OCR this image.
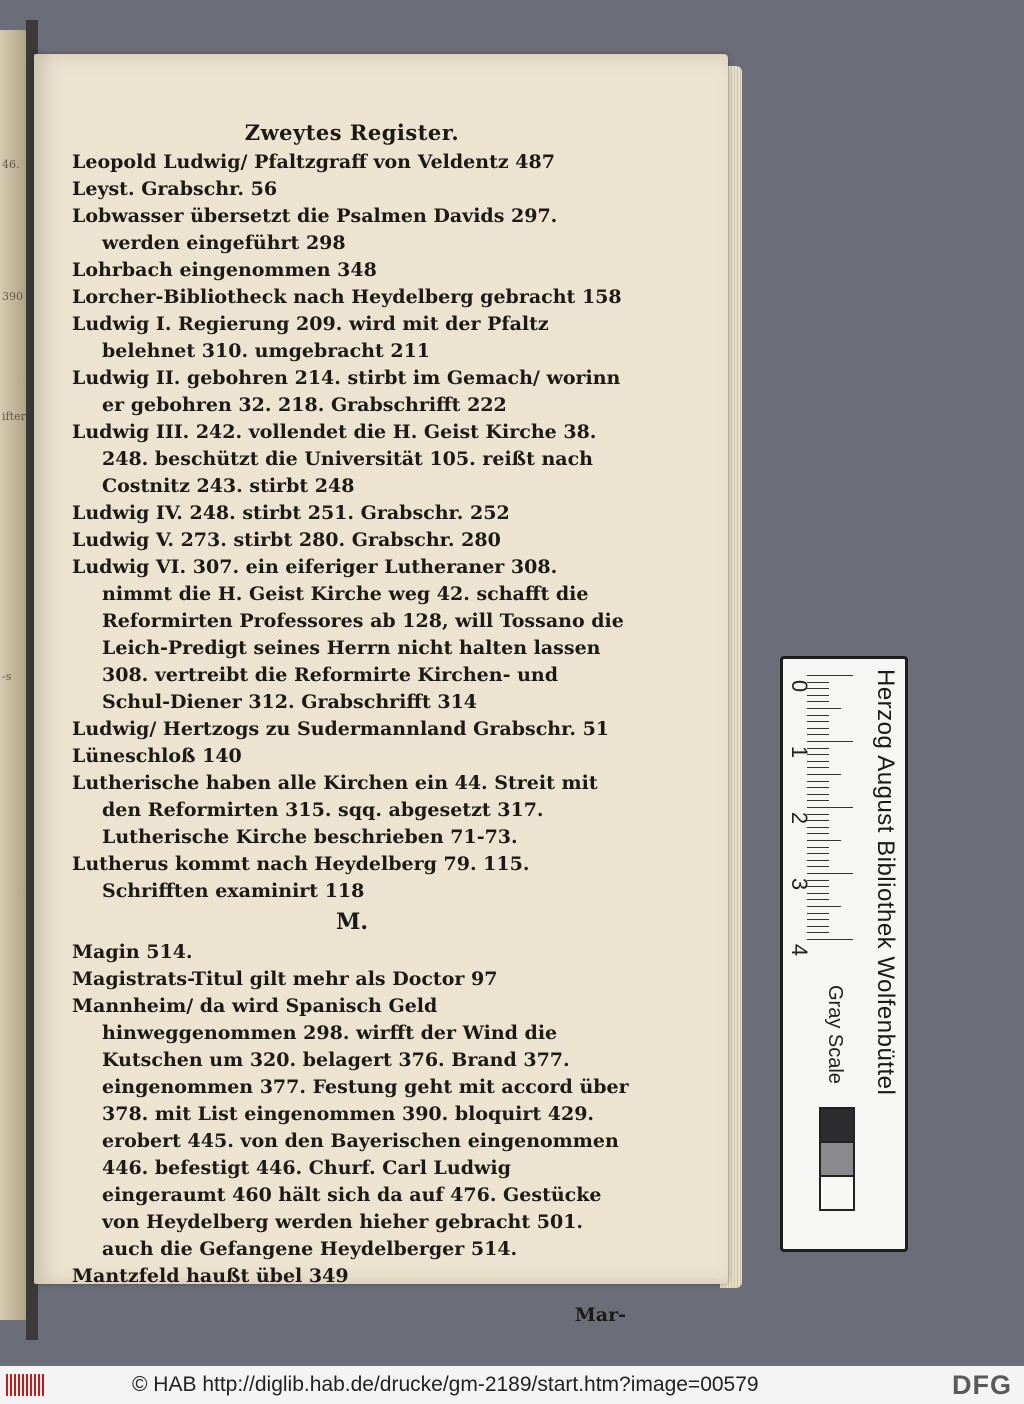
46.
390
ifter
-s
Zweytes Register.

Leopold Ludwig/ Pfaltzgraff von Veldentz 487

Leyst. Grabschr. 56

Lobwasser übersetzt die Psalmen Davids 297. werden eingeführt 298

Lohrbach eingenommen 348

Lorcher-Bibliotheck nach Heydelberg gebracht 158

Ludwig I. Regierung 209. wird mit der Pfaltz belehnet 310. umgebracht 211

Ludwig II. gebohren 214. stirbt im Gemach/ worinn er gebohren 32. 218. Grabschrifft 222

Ludwig III. 242. vollendet die H. Geist Kirche 38. 248. beschützt die Universität 105. reißt nach Costnitz 243. stirbt 248

Ludwig IV. 248. stirbt 251. Grabschr. 252

Ludwig V. 273. stirbt 280. Grabschr. 280

Ludwig VI. 307. ein eiferiger Lutheraner 308. nimmt die H. Geist Kirche weg 42. schafft die Reformirten Professores ab 128, will Tossano die Leich-Predigt seines Herrn nicht halten lassen 308. vertreibt die Reformirte Kirchen- und Schul-Diener 312. Grabschrifft 314

Ludwig/ Hertzogs zu Sudermannland Grabschr. 51

Lüneschloß 140

Lutherische haben alle Kirchen ein 44. Streit mit den Reformirten 315. sqq. abgesetzt 317. Lutherische Kirche beschrieben 71-73.

Lutherus kommt nach Heydelberg 79. 115. Schrifften examinirt 118

M.

Magin 514.

Magistrats-Titul gilt mehr als Doctor 97

Mannheim/ da wird Spanisch Geld hinweggenommen 298. wirfft der Wind die Kutschen um 320. belagert 376. Brand 377. eingenommen 377. Festung geht mit accord über 378. mit List eingenommen 390. bloquirt 429. erobert 445. von den Bayerischen eingenommen 446. befestigt 446. Churf. Carl Ludwig eingeraumt 460 hält sich da auf 476. Gestücke von Heydelberg werden hieher gebracht 501. auch die Gefangene Heydelberger 514.

Mantzfeld haußt übel 349

Mar-
0
1
2
3
4	Herzog August Bibliothek Wolfenbüttel
Gray Scale
© HAB http://diglib.hab.de/drucke/gm-2189/start.htm?image=00579	DFG
